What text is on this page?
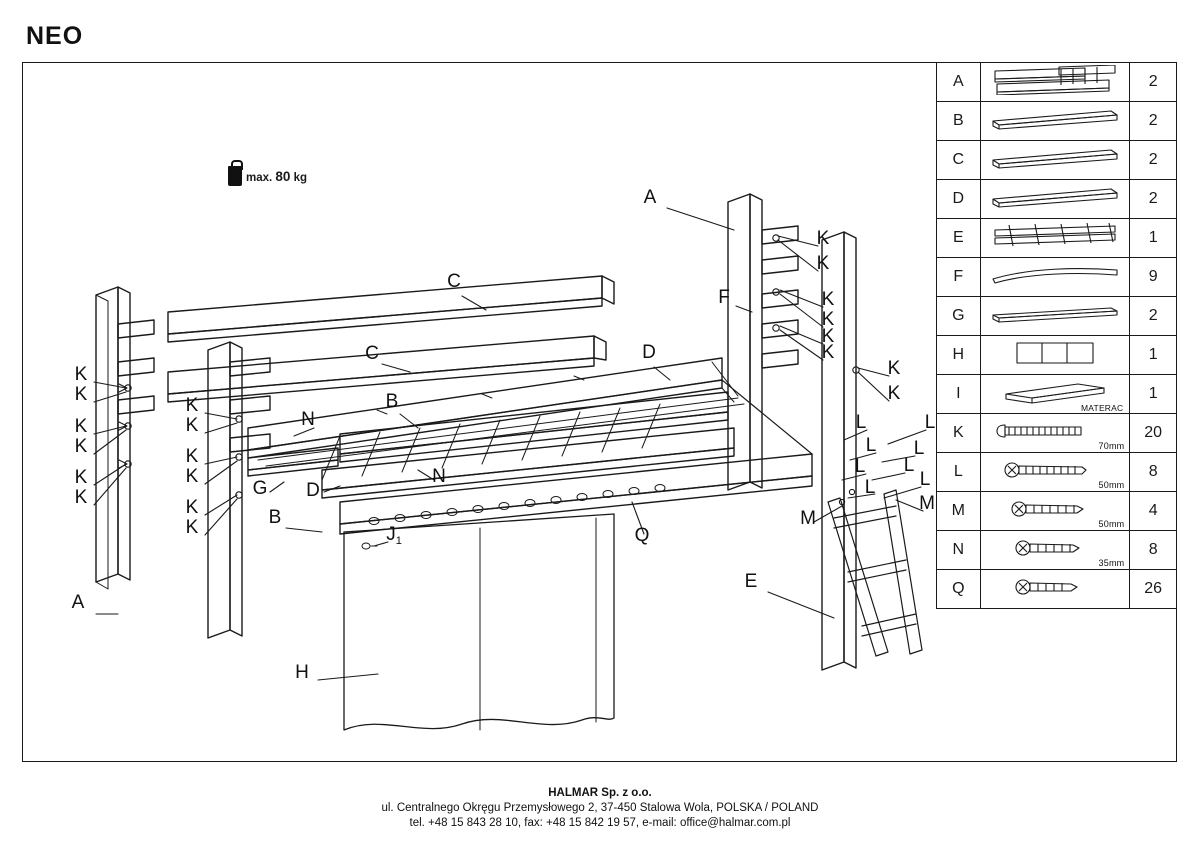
NEO
A
A
B
B
C
C	D
D
E
F
G
H
$J_1$
N
N
Q
K
K
K
K
K
K
K
K
K
K
K
K
K
K
K
K
K
K
K
K
L	L
L L
L L
L L
M
M
max. 80 kg
A		2
B		2
C		2
D		2
E		1
F		9
G		2
H		1
I	MATERAC	1
K	70mm	20
L	50mm	8
M	50mm	4
N	35mm	8
Q		26
HALMAR Sp. z o.o.
ul. Centralnego Okręgu Przemysłowego 2, 37-450 Stalowa Wola, POLSKA / POLAND
tel. +48 15 843 28 10, fax: +48 15 842 19 57, e-mail: office@halmar.com.pl
